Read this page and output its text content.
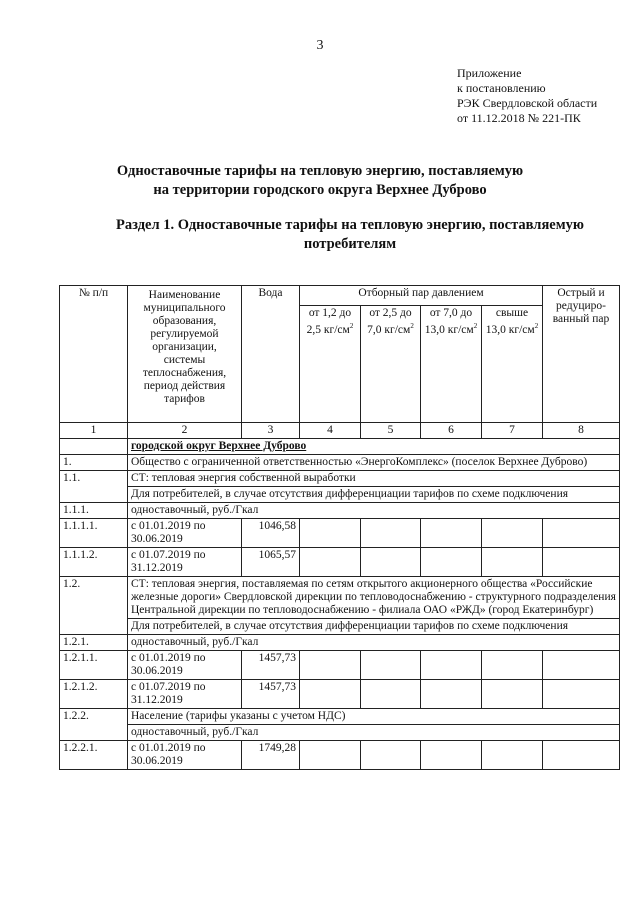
3
Приложение
к постановлению
РЭК Свердловской области
от 11.12.2018 № 221-ПК
Одноставочные тарифы на тепловую энергию, поставляемую
на территории городского округа Верхнее Дуброво
Раздел 1. Одноставочные тарифы на тепловую энергию, поставляемую
потребителям
№ п/п	Наименование муниципального образования, регулируемой организации, системы теплоснабжения, период действия тарифов	Вода	Отборный пар давлением				Острый и редуциро-ванный пар
			от 1,2 до 2,5 $кг/см^2$	от 2,5 до 7,0 $кг/см^2$	от 7,0 до 13,0 $кг/см^2$	свыше 13,0 $кг/см^2$
1	2	3	4	5	6	7	8
	городской округ Верхнее Дуброво						
1.	Общество с ограниченной ответственностью «ЭнергоКомплекс» (поселок Верхнее Дуброво)						
1.1.	СТ: тепловая энергия собственной выработки						
	Для потребителей, в случае отсутствия дифференциации тарифов по схеме подключения						
1.1.1.	одноставочный, руб./Гкал						
1.1.1.1.	с 01.01.2019 по 30.06.2019	1046,58					
1.1.1.2.	с 01.07.2019 по 31.12.2019	1065,57					
1.2.	СТ: тепловая энергия, поставляемая по сетям открытого акционерного общества «Российские железные дороги» Свердловской дирекции по тепловодоснабжению - структурного подразделения Центральной дирекции по тепловодоснабжению - филиала ОАО «РЖД» (город Екатеринбург)						
	Для потребителей, в случае отсутствия дифференциации тарифов по схеме подключения						
1.2.1.	одноставочный, руб./Гкал						
1.2.1.1.	с 01.01.2019 по 30.06.2019	1457,73					
1.2.1.2.	с 01.07.2019 по 31.12.2019	1457,73					
1.2.2.	Население (тарифы указаны с учетом НДС)						
	одноставочный, руб./Гкал						
1.2.2.1.	с 01.01.2019 по 30.06.2019	1749,28					
